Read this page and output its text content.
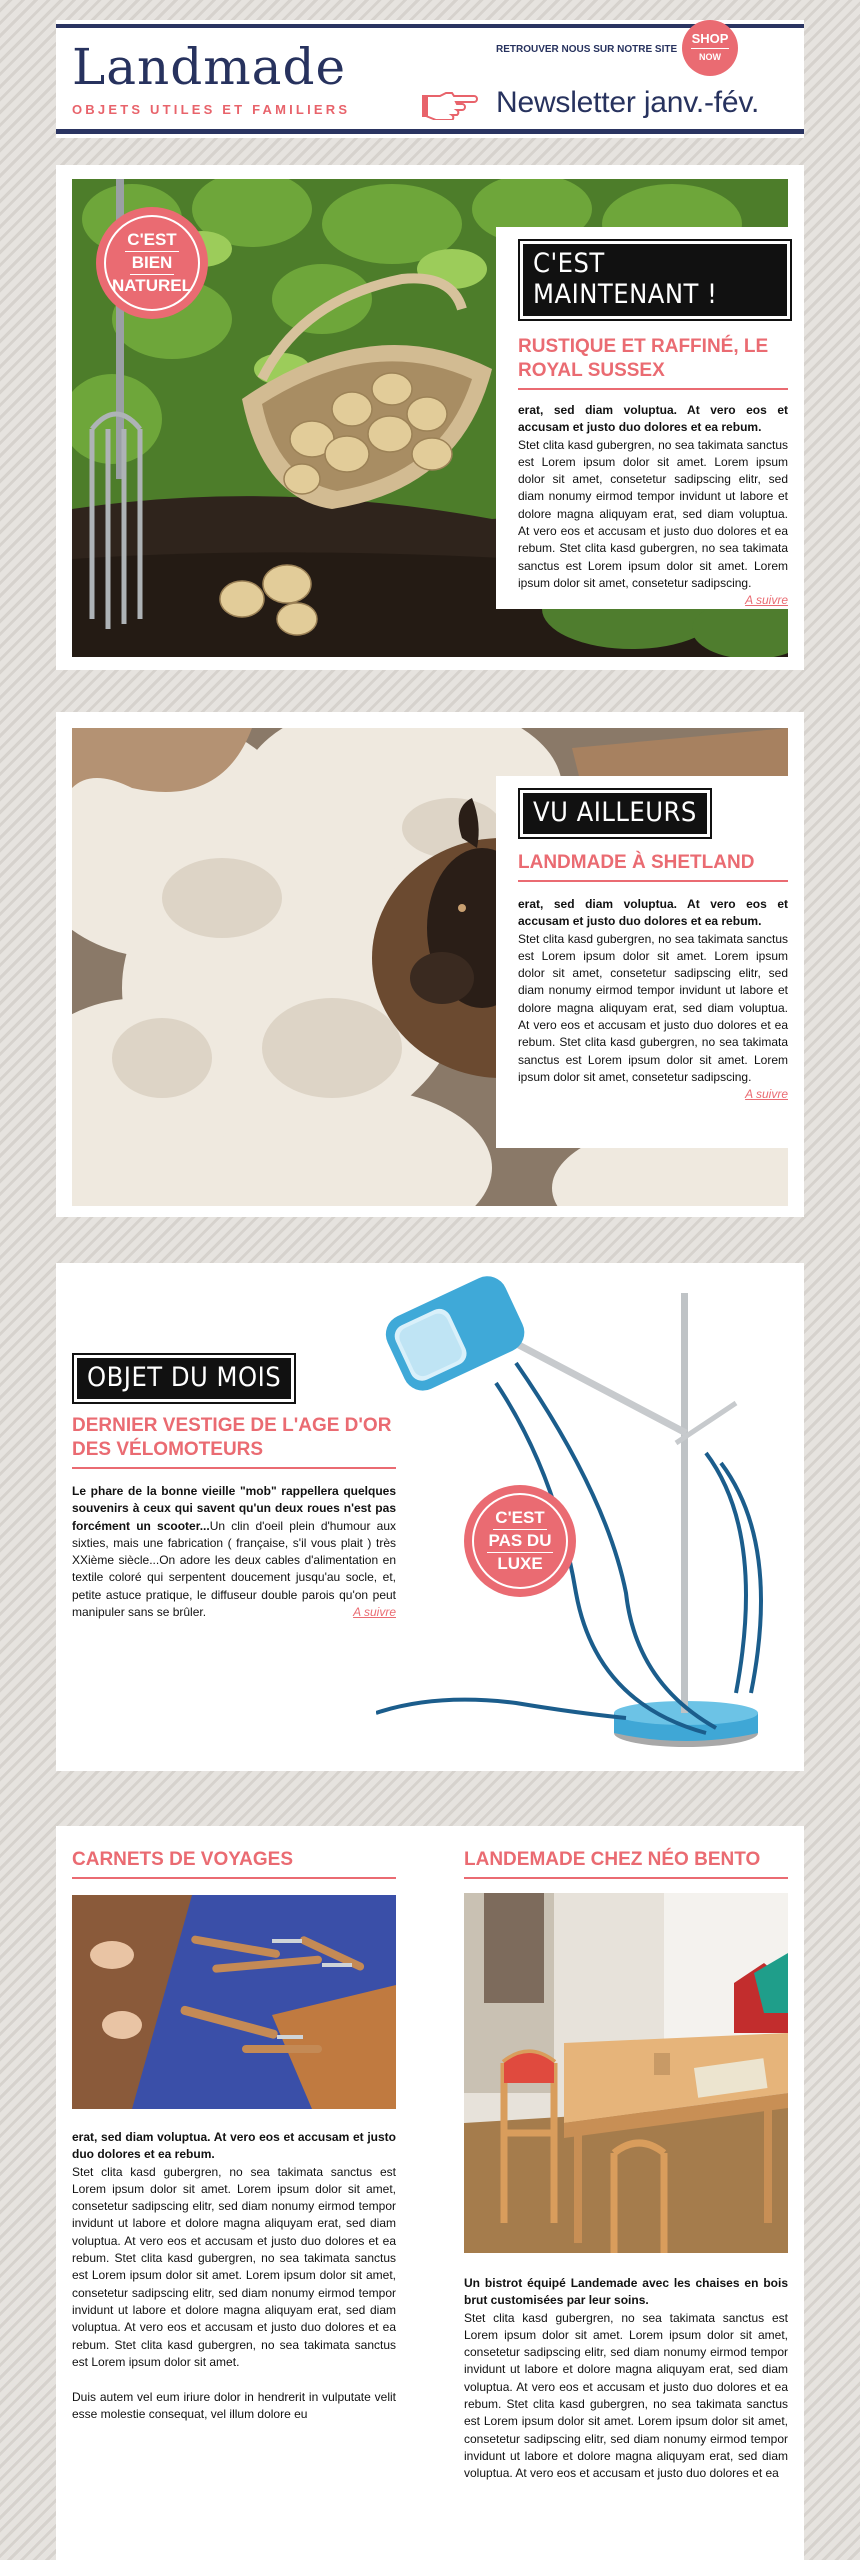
Landmade
OBJETS UTILES ET FAMILIERS
RETROUVER NOUS SUR NOTRE SITE
SHOP
NOW
Newsletter janv.-fév.
C'EST
BIEN
NATUREL
C'EST MAINTENANT !
RUSTIQUE ET RAFFINÉ, LE ROYAL SUSSEX
erat, sed diam voluptua. At vero eos et accusam et justo duo dolores et ea rebum.
Stet clita kasd gubergren, no sea takimata sanctus est Lorem ipsum dolor sit amet. Lorem ipsum dolor sit amet, consetetur sadipscing elitr, sed diam nonumy eirmod tempor invidunt ut labore et dolore magna aliquyam erat, sed diam voluptua. At vero eos et accusam et justo duo dolores et ea rebum. Stet clita kasd gubergren, no sea takimata sanctus est Lorem ipsum dolor sit amet. Lorem ipsum dolor sit amet, consetetur sadipscing.
A suivre
VU AILLEURS
LANDMADE À SHETLAND
erat, sed diam voluptua. At vero eos et accusam et justo duo dolores et ea rebum.
Stet clita kasd gubergren, no sea takimata sanctus est Lorem ipsum dolor sit amet. Lorem ipsum dolor sit amet, consetetur sadipscing elitr, sed diam nonumy eirmod tempor invidunt ut labore et dolore magna aliquyam erat, sed diam voluptua. At vero eos et accusam et justo duo dolores et ea rebum. Stet clita kasd gubergren, no sea takimata sanctus est Lorem ipsum dolor sit amet. Lorem ipsum dolor sit amet, consetetur sadipscing.
A suivre
OBJET DU MOIS
DERNIER VESTIGE DE L'AGE D'OR DES VÉLOMOTEURS
Le phare de la bonne vieille "mob" rappellera quelques souvenirs à ceux qui savent qu'un deux roues n'est pas forcément un scooter...Un clin d'oeil plein d'humour aux sixties, mais une fabrication ( française, s'il vous plait ) très XXième siècle...On adore les deux cables d'alimentation en textile coloré qui serpentent doucement jusqu'au socle, et, petite astuce pratique, le diffuseur double parois qu'on peut manipuler sans se brûler.	A suivre
C'EST
PAS DU
LUXE
CARNETS DE VOYAGES
erat, sed diam voluptua. At vero eos et accusam et justo duo dolores et ea rebum.
Stet clita kasd gubergren, no sea takimata sanctus est Lorem ipsum dolor sit amet. Lorem ipsum dolor sit amet, consetetur sadipscing elitr, sed diam nonumy eirmod tempor invidunt ut labore et dolore magna aliquyam erat, sed diam voluptua. At vero eos et accusam et justo duo dolores et ea rebum. Stet clita kasd gubergren, no sea takimata sanctus est Lorem ipsum dolor sit amet. Lorem ipsum dolor sit amet, consetetur sadipscing elitr, sed diam nonumy eirmod tempor invidunt ut labore et dolore magna aliquyam erat, sed diam voluptua. At vero eos et accusam et justo duo dolores et ea rebum. Stet clita kasd gubergren, no sea takimata sanctus est Lorem ipsum dolor sit amet.
Duis autem vel eum iriure dolor in hendrerit in vulputate velit esse molestie consequat, vel illum dolore eu
LANDEMADE CHEZ NÉO BENTO
Un bistrot équipé Landemade avec les chaises en bois brut customisées par leur soins.
Stet clita kasd gubergren, no sea takimata sanctus est Lorem ipsum dolor sit amet. Lorem ipsum dolor sit amet, consetetur sadipscing elitr, sed diam nonumy eirmod tempor invidunt ut labore et dolore magna aliquyam erat, sed diam voluptua. At vero eos et accusam et justo duo dolores et ea rebum. Stet clita kasd gubergren, no sea takimata sanctus est Lorem ipsum dolor sit amet. Lorem ipsum dolor sit amet, consetetur sadipscing elitr, sed diam nonumy eirmod tempor invidunt ut labore et dolore magna aliquyam erat, sed diam voluptua. At vero eos et accusam et justo duo dolores et ea
